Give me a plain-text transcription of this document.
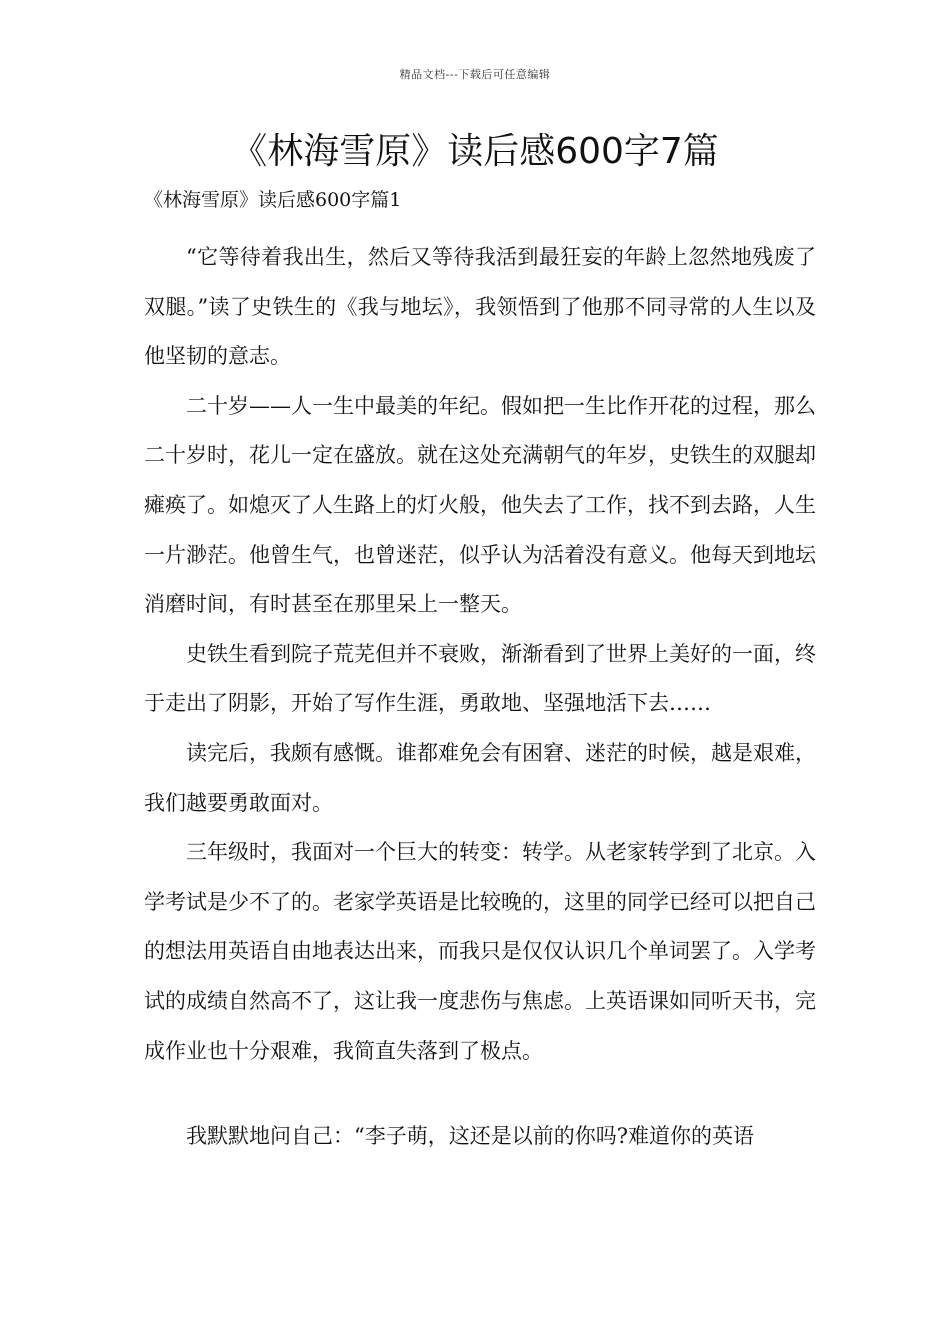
精品文档---下载后可任意编辑
《林海雪原》读后感600字7篇
《林海雪原》读后感600字篇1

“它等待着我出生，然后又等待我活到最狂妄的年龄上忽然地残废了双腿。”读了史铁生的《我与地坛》，我领悟到了他那不同寻常的人生以及他坚韧的意志。

二十岁——人一生中最美的年纪。假如把一生比作开花的过程，那么二十岁时，花儿一定在盛放。就在这处充满朝气的年岁，史铁生的双腿却瘫痪了。如熄灭了人生路上的灯火般，他失去了工作，找不到去路，人生一片渺茫。他曾生气，也曾迷茫，似乎认为活着没有意义。他每天到地坛消磨时间，有时甚至在那里呆上一整天。

史铁生看到院子荒芜但并不衰败，渐渐看到了世界上美好的一面，终于走出了阴影，开始了写作生涯，勇敢地、坚强地活下去……

读完后，我颇有感慨。谁都难免会有困窘、迷茫的时候，越是艰难，我们越要勇敢面对。

三年级时，我面对一个巨大的转变：转学。从老家转学到了北京。入学考试是少不了的。老家学英语是比较晚的，这里的同学已经可以把自己的想法用英语自由地表达出来，而我只是仅仅认识几个单词罢了。入学考试的成绩自然高不了，这让我一度悲伤与焦虑。上英语课如同听天书，完成作业也十分艰难，我简直失落到了极点。

我默默地问自己：“李子萌，这还是以前的你吗?难道你的英语
